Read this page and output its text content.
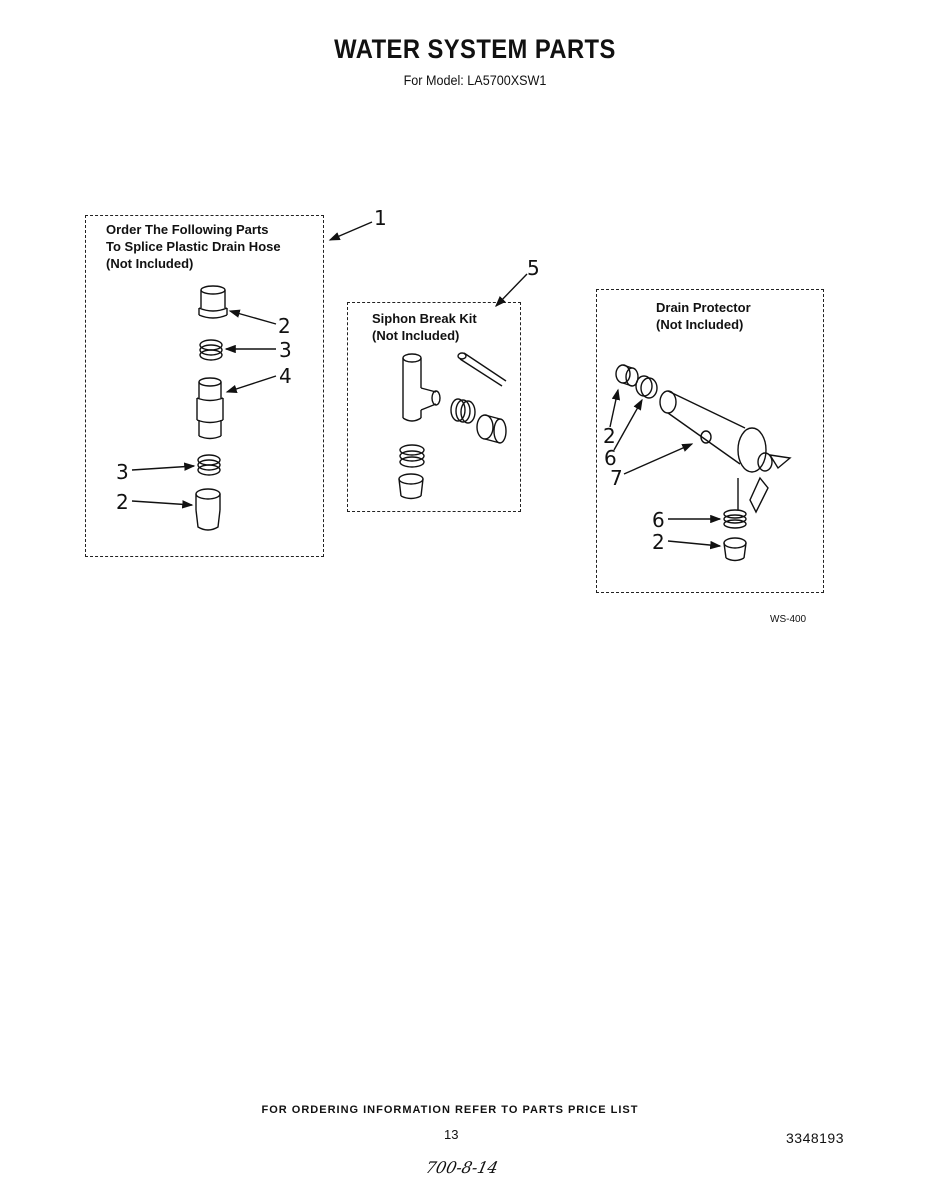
WATER SYSTEM PARTS
For Model: LA5700XSW1
Order The Following Parts
To Splice Plastic Drain Hose
(Not Included)
Siphon Break Kit
(Not Included)
Drain Protector
(Not Included)
1
5
2
3
4
3
2
2
6
7
6
2
WS-400
FOR ORDERING INFORMATION REFER TO PARTS PRICE LIST
13	3348193
700-8-14
